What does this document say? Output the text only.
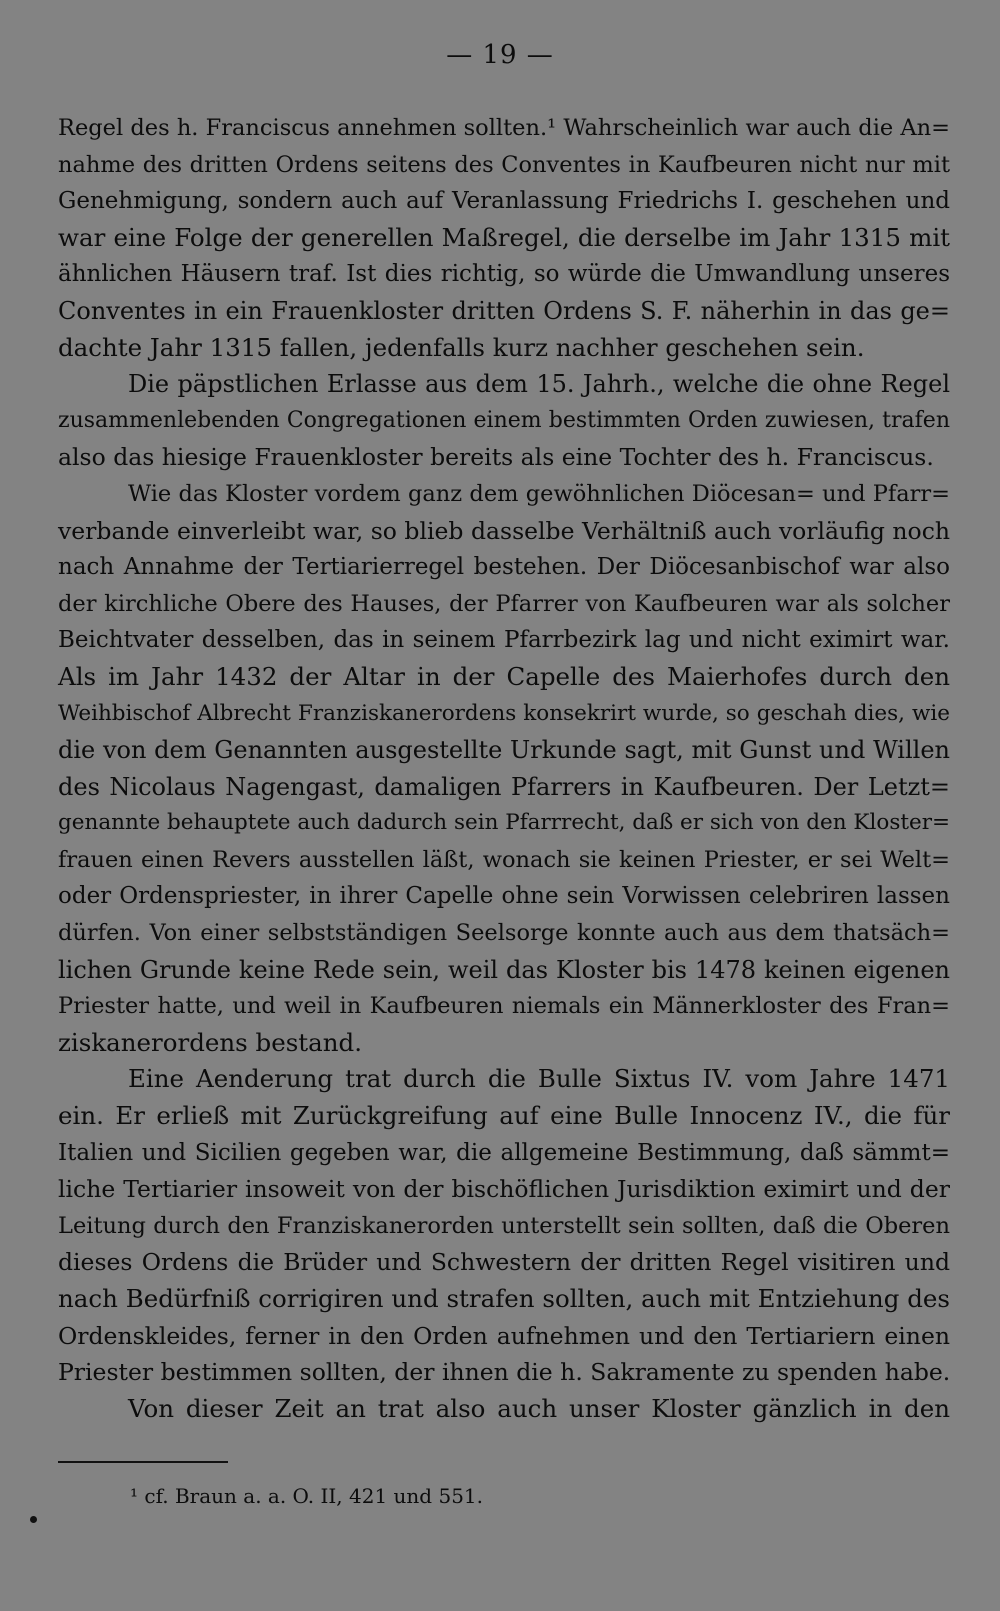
— 19 —
Regel des h. Franciscus annehmen sollten.¹ Wahrscheinlich war auch die An=
nahme des dritten Ordens seitens des Conventes in Kaufbeuren nicht nur mit
Genehmigung, sondern auch auf Veranlassung Friedrichs I. geschehen und
war eine Folge der generellen Maßregel, die derselbe im Jahr 1315 mit
ähnlichen Häusern traf. Ist dies richtig, so würde die Umwandlung unseres
Conventes in ein Frauenkloster dritten Ordens S. F. näherhin in das ge=
dachte Jahr 1315 fallen, jedenfalls kurz nachher geschehen sein.
Die päpstlichen Erlasse aus dem 15. Jahrh., welche die ohne Regel
zusammenlebenden Congregationen einem bestimmten Orden zuwiesen, trafen
also das hiesige Frauenkloster bereits als eine Tochter des h. Franciscus.
Wie das Kloster vordem ganz dem gewöhnlichen Diöcesan= und Pfarr=
verbande einverleibt war, so blieb dasselbe Verhältniß auch vorläufig noch
nach Annahme der Tertiarierregel bestehen. Der Diöcesanbischof war also
der kirchliche Obere des Hauses, der Pfarrer von Kaufbeuren war als solcher
Beichtvater desselben, das in seinem Pfarrbezirk lag und nicht eximirt war.
Als im Jahr 1432 der Altar in der Capelle des Maierhofes durch den
Weihbischof Albrecht Franziskanerordens konsekrirt wurde, so geschah dies, wie
die von dem Genannten ausgestellte Urkunde sagt, mit Gunst und Willen
des Nicolaus Nagengast, damaligen Pfarrers in Kaufbeuren. Der Letzt=
genannte behauptete auch dadurch sein Pfarrrecht, daß er sich von den Kloster=
frauen einen Revers ausstellen läßt, wonach sie keinen Priester, er sei Welt=
oder Ordenspriester, in ihrer Capelle ohne sein Vorwissen celebriren lassen
dürfen. Von einer selbstständigen Seelsorge konnte auch aus dem thatsäch=
lichen Grunde keine Rede sein, weil das Kloster bis 1478 keinen eigenen
Priester hatte, und weil in Kaufbeuren niemals ein Männerkloster des Fran=
ziskanerordens bestand.
Eine Aenderung trat durch die Bulle Sixtus IV. vom Jahre 1471
ein. Er erließ mit Zurückgreifung auf eine Bulle Innocenz IV., die für
Italien und Sicilien gegeben war, die allgemeine Bestimmung, daß sämmt=
liche Tertiarier insoweit von der bischöflichen Jurisdiktion eximirt und der
Leitung durch den Franziskanerorden unterstellt sein sollten, daß die Oberen
dieses Ordens die Brüder und Schwestern der dritten Regel visitiren und
nach Bedürfniß corrigiren und strafen sollten, auch mit Entziehung des
Ordenskleides, ferner in den Orden aufnehmen und den Tertiariern einen
Priester bestimmen sollten, der ihnen die h. Sakramente zu spenden habe.
Von dieser Zeit an trat also auch unser Kloster gänzlich in den
¹ cf. Braun a. a. O. II, 421 und 551.
